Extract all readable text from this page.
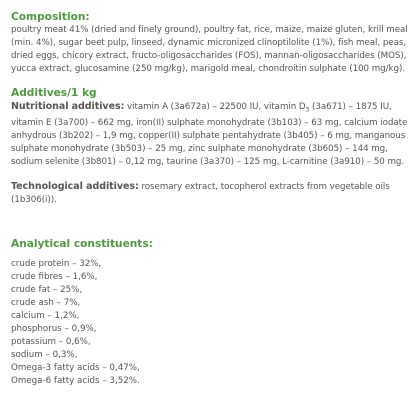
Composition:

poultry meat 41% (dried and finely ground), poultry fat, rice, maize, maize gluten, krill meal (min. 4%), sugar beet pulp, linseed, dynamic micronized clinoptilolite (1%), fish meal, peas, dried eggs, chicory extract, fructo-oligosaccharides (FOS), mannan-oligosaccharides (MOS), yucca extract, glucosamine (250 mg/kg), marigold meal, chondroitin sulphate (100 mg/kg).

Additives/1 kg

Nutritional additives: vitamin A (3a672a) – 22500 IU, vitamin $D_3$ (3a671) – 1875 IU, vitamin E (3a700) – 662 mg, iron(II) sulphate monohydrate (3b103) – 63 mg, calcium iodate anhydrous (3b202) – 1,9 mg, copper(II) sulphate pentahydrate (3b405) – 6 mg, manganous sulphate monohydrate (3b503) – 25 mg, zinc sulphate monohydrate (3b605) – 144 mg, sodium selenite (3b801) – 0,12 mg, taurine (3a370) – 125 mg, L-carnitine (3a910) – 50 mg.

Technological additives: rosemary extract, tocopherol extracts from vegetable oils (1b306(i)).

Analytical constituents:
crude protein – 32%,
crude fibres – 1,6%,
crude fat – 25%,
crude ash – 7%,
calcium – 1,2%,
phosphorus – 0,9%,
potassium – 0,6%,
sodium – 0,3%,
Omega-3 fatty acids – 0,47%,
Omega-6 fatty acids – 3,52%.
